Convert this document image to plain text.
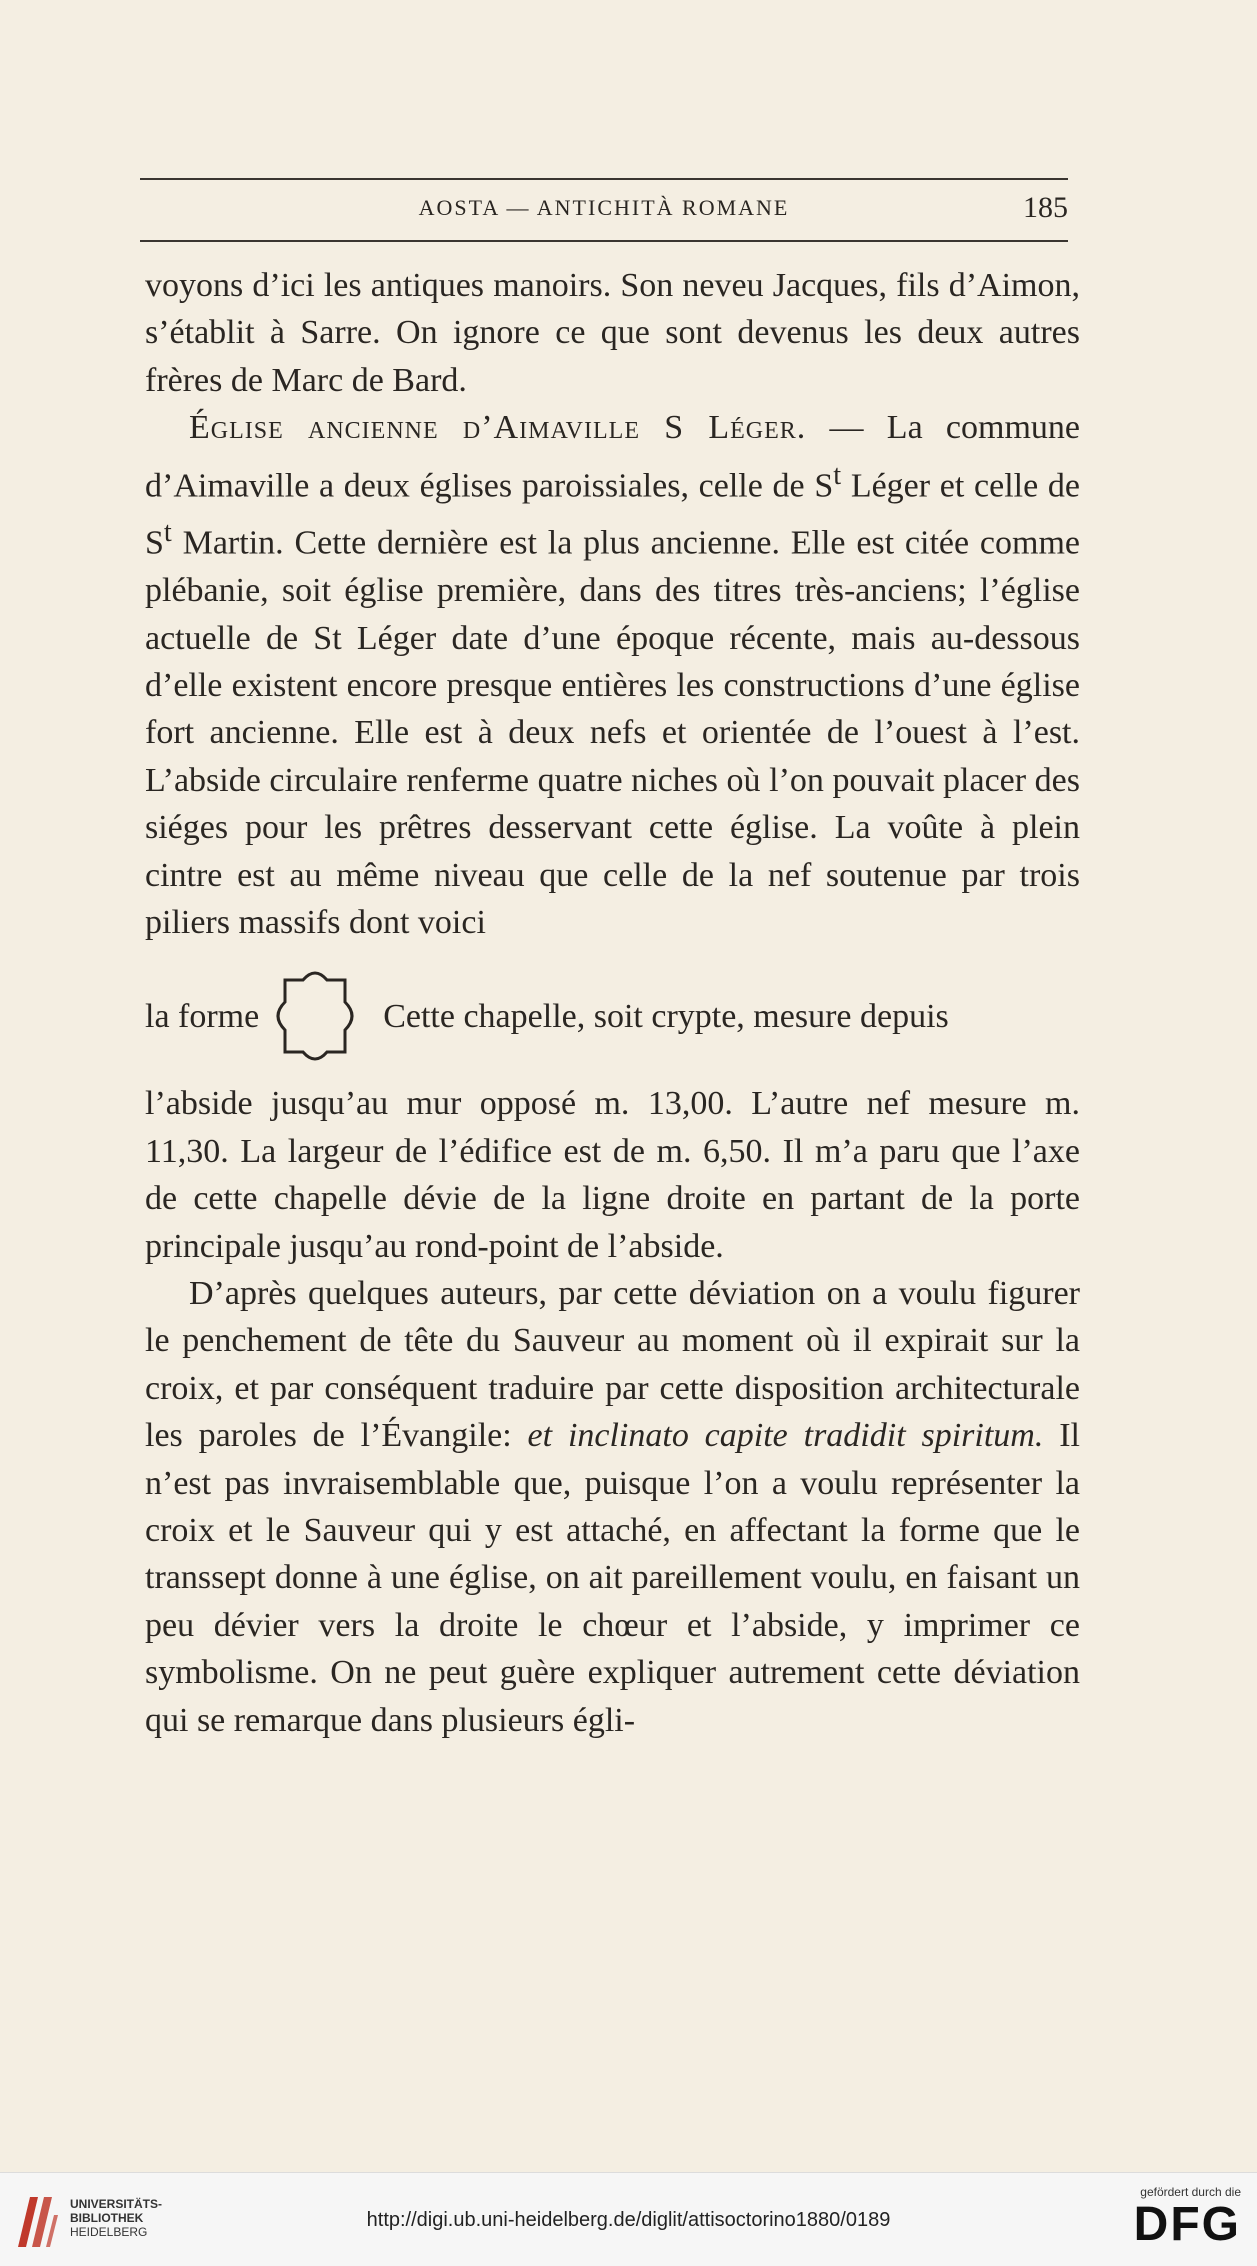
AOSTA — ANTICHITÀ ROMANE	185

voyons d’ici les antiques manoirs. Son neveu Jacques, fils d’Aimon, s’établit à Sarre. On ignore ce que sont devenus les deux autres frères de Marc de Bard.

Église ancienne d’Aimaville S Léger. — La commune d’Aimaville a deux églises paroissiales, celle de $S^t$ Léger et celle de $S^t$ Martin. Cette dernière est la plus ancienne. Elle est citée comme plébanie, soit église première, dans des titres très-anciens; l’église actuelle de St Léger date d’une époque récente, mais au-dessous d’elle existent encore presque entières les constructions d’une église fort ancienne. Elle est à deux nefs et orientée de l’ouest à l’est. L’abside circulaire renferme quatre niches où l’on pouvait placer des siéges pour les prêtres desservant cette église. La voûte à plein cintre est au même niveau que celle de la nef soutenue par trois piliers massifs dont voici

la forme	Cette chapelle, soit crypte, mesure depuis

l’abside jusqu’au mur opposé m. 13,00. L’autre nef mesure m. 11,30. La largeur de l’édifice est de m. 6,50. Il m’a paru que l’axe de cette chapelle dévie de la ligne droite en partant de la porte principale jusqu’au rond-point de l’abside.

D’après quelques auteurs, par cette déviation on a voulu figurer le penchement de tête du Sauveur au moment où il expirait sur la croix, et par conséquent traduire par cette disposition architecturale les paroles de l’Évangile: et inclinato capite tradidit spiritum. Il n’est pas invraisemblable que, puisque l’on a voulu représenter la croix et le Sauveur qui y est attaché, en affectant la forme que le transsept donne à une église, on ait pareillement voulu, en faisant un peu dévier vers la droite le chœur et l’abside, y imprimer ce symbolisme. On ne peut guère expliquer autrement cette déviation qui se remarque dans plusieurs égli-

UNIVERSITÄTS-
BIBLIOTHEK
HEIDELBERG
http://digi.ub.uni-heidelberg.de/diglit/attisoctorino1880/0189
gefördert durch die
DFG
